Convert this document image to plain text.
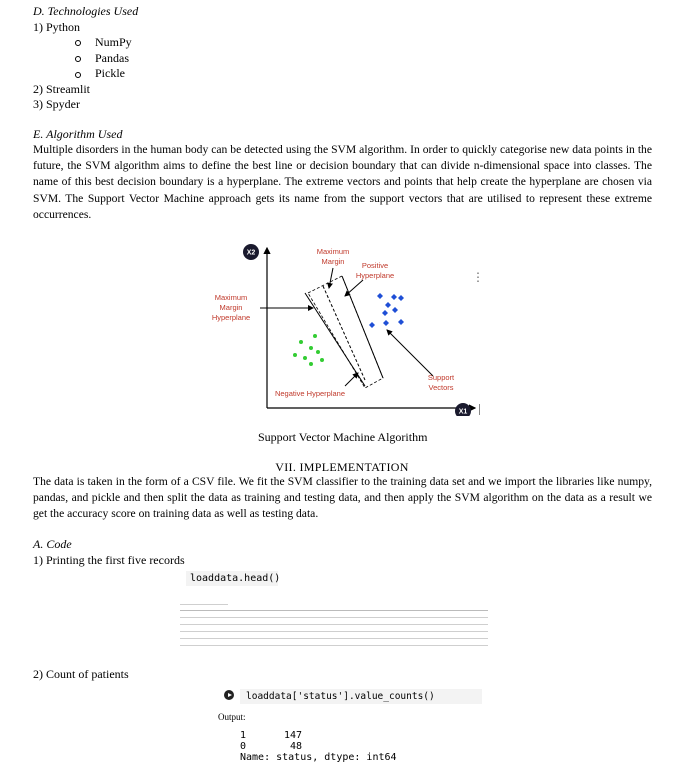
D. Technologies Used
1) Python
NumPy
Pandas
Pickle
2) Streamlit
3) Spyder
E. Algorithm Used
Multiple disorders in the human body can be detected using the SVM algorithm. In order to quickly categorise new data points in the future, the SVM algorithm aims to define the best line or decision boundary that can divide n-dimensional space into classes. The name of this best decision boundary is a hyperplane. The extreme vectors and points that help create the hyperplane are chosen via SVM. The Support Vector Machine approach gets its name from the support vectors that are utilised to represent these extreme occurrences.
X2
X1
Maximum
Margin Positive
Hyperplane
Maximum
Margin
Hyperplane
Support
Vectors
Negative Hyperplane
⋮
Support Vector Machine Algorithm
VII. IMPLEMENTATION
The data is taken in the form of a CSV file. We fit the SVM classifier to the training data set and we import the libraries like numpy, pandas, and pickle and then split the data as training and testing data, and then apply the SVM algorithm on the data as a result we get the accuracy score on training data as well as testing data.
A. Code
1) Printing the first five records
loaddata.head()
2) Count of patients
loaddata['status'].value_counts()
Output:
1	147
0	48
Name: status, dtype: int64
